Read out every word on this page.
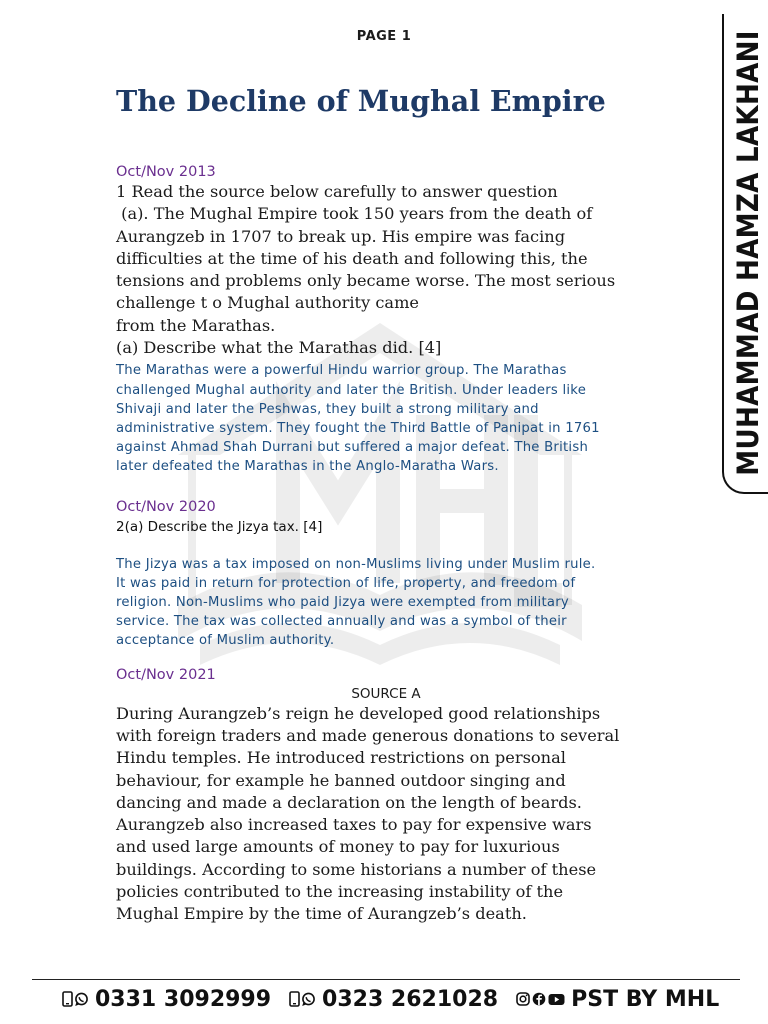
PAGE 1	MUHAMMAD HAMZA LAKHANI
The Decline of Mughal Empire
Oct/Nov 2013

1 Read the source below carefully to answer question

(a). The Mughal Empire took 150 years from the death of

Aurangzeb in 1707 to break up. His empire was facing

difficulties at the time of his death and following this, the

tensions and problems only became worse. The most serious

challenge t o Mughal authority came

from the Marathas.

(a) Describe what the Marathas did. [4]

The Marathas were a powerful Hindu warrior group. The Marathas
challenged Mughal authority and later the British. Under leaders like
Shivaji and later the Peshwas, they built a strong military and
administrative system. They fought the Third Battle of Panipat in 1761
against Ahmad Shah Durrani but suffered a major defeat. The British
later defeated the Marathas in the Anglo-Maratha Wars.

Oct/Nov 2020
2(a) Describe the Jizya tax. [4]

The Jizya was a tax imposed on non-Muslims living under Muslim rule.
It was paid in return for protection of life, property, and freedom of
religion. Non-Muslims who paid Jizya were exempted from military
service. The tax was collected annually and was a symbol of their
acceptance of Muslim authority.

Oct/Nov 2021
SOURCE A

During Aurangzeb’s reign he developed good relationships

with foreign traders and made generous donations to several

Hindu temples. He introduced restrictions on personal

behaviour, for example he banned outdoor singing and

dancing and made a declaration on the length of beards.

Aurangzeb also increased taxes to pay for expensive wars

and used large amounts of money to pay for luxurious

buildings. According to some historians a number of these

policies contributed to the increasing instability of the

Mughal Empire by the time of Aurangzeb’s death.

0331 3092999 0323 2621028	PST BY MHL
